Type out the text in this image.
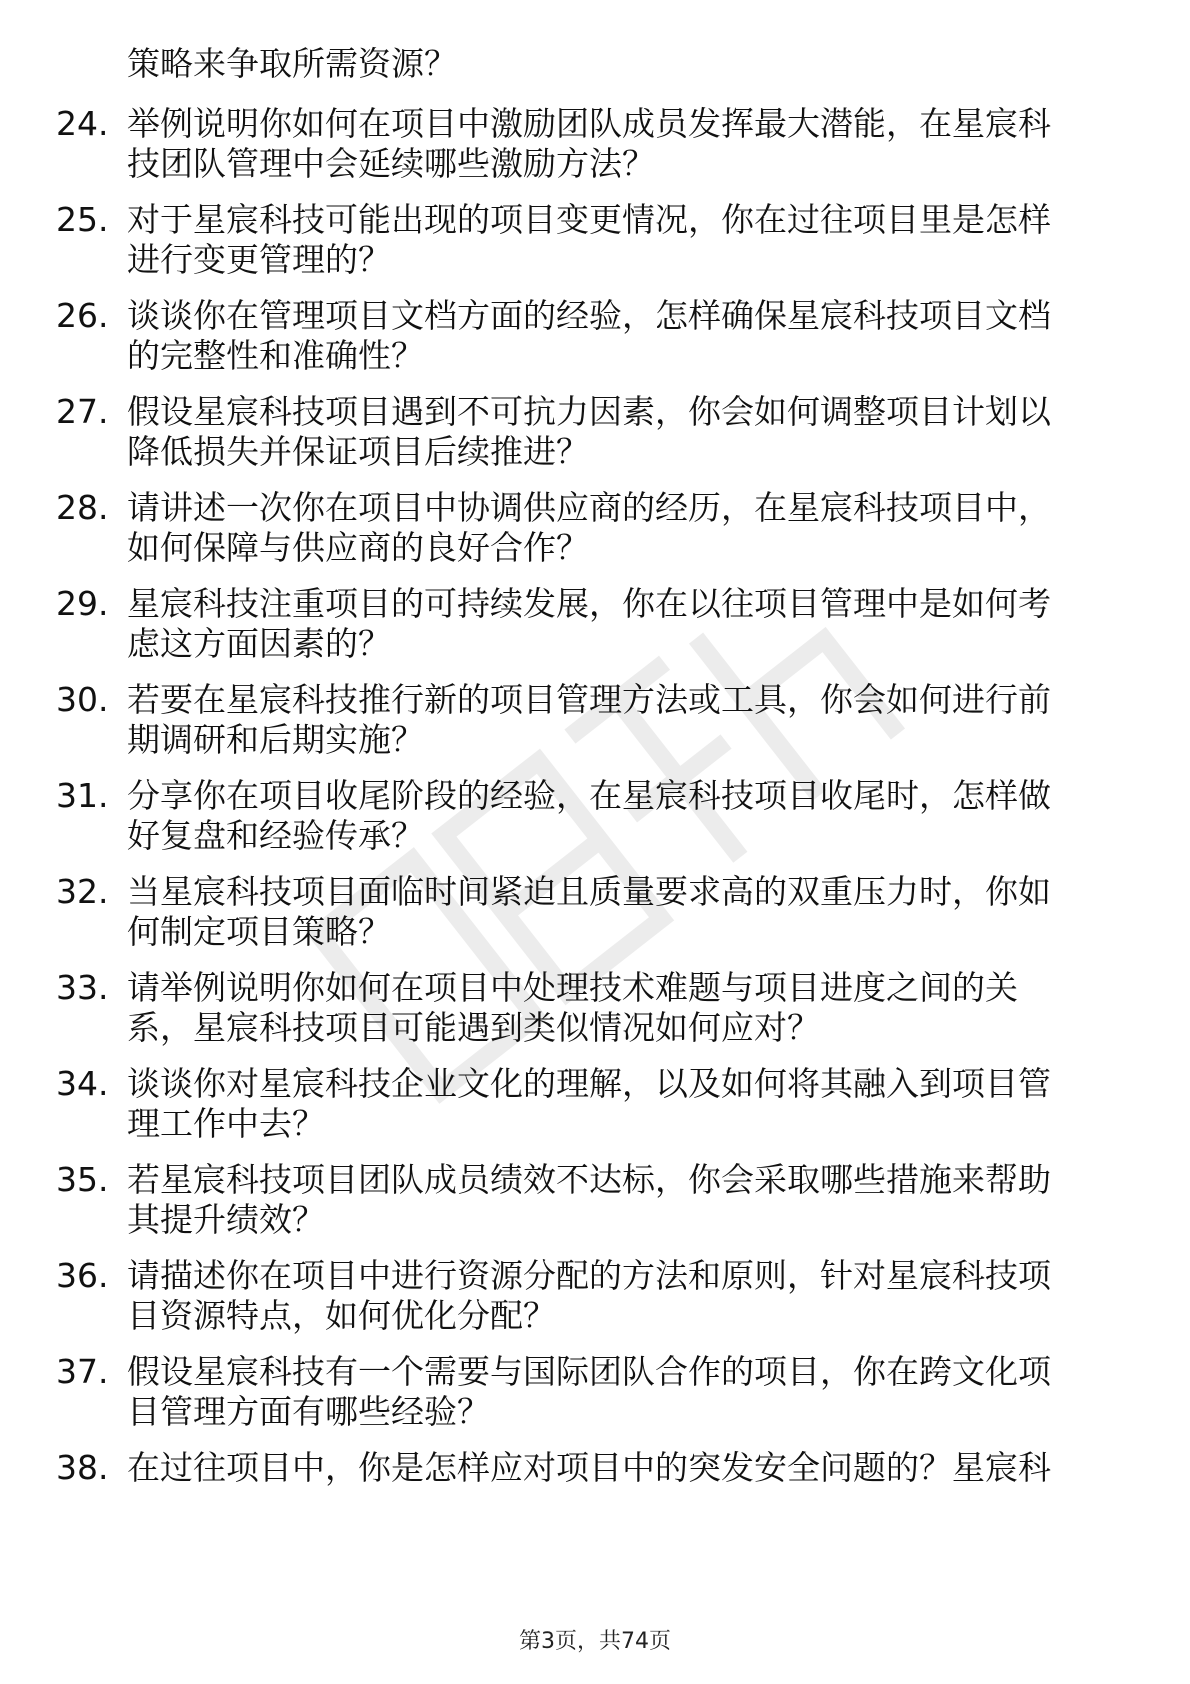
策略来争取所需资源？
24. 举例说明你如何在项目中激励团队成员发挥最大潜能，在星宸科
技团队管理中会延续哪些激励方法？
25. 对于星宸科技可能出现的项目变更情况，你在过往项目里是怎样
进行变更管理的？
26. 谈谈你在管理项目文档方面的经验，怎样确保星宸科技项目文档
的完整性和准确性？
27. 假设星宸科技项目遇到不可抗力因素，你会如何调整项目计划以
降低损失并保证项目后续推进？
28. 请讲述一次你在项目中协调供应商的经历，在星宸科技项目中，
如何保障与供应商的良好合作？
29. 星宸科技注重项目的可持续发展，你在以往项目管理中是如何考
虑这方面因素的？
30. 若要在星宸科技推行新的项目管理方法或工具，你会如何进行前
期调研和后期实施？
31. 分享你在项目收尾阶段的经验，在星宸科技项目收尾时，怎样做
好复盘和经验传承？
32. 当星宸科技项目面临时间紧迫且质量要求高的双重压力时，你如
何制定项目策略？
33. 请举例说明你如何在项目中处理技术难题与项目进度之间的关
系，星宸科技项目可能遇到类似情况如何应对？
34. 谈谈你对星宸科技企业文化的理解，以及如何将其融入到项目管
理工作中去？
35. 若星宸科技项目团队成员绩效不达标，你会采取哪些措施来帮助
其提升绩效？
36. 请描述你在项目中进行资源分配的方法和原则，针对星宸科技项
目资源特点，如何优化分配？
37. 假设星宸科技有一个需要与国际团队合作的项目，你在跨文化项
目管理方面有哪些经验？
38. 在过往项目中，你是怎样应对项目中的突发安全问题的？星宸科
第3页，共74页
